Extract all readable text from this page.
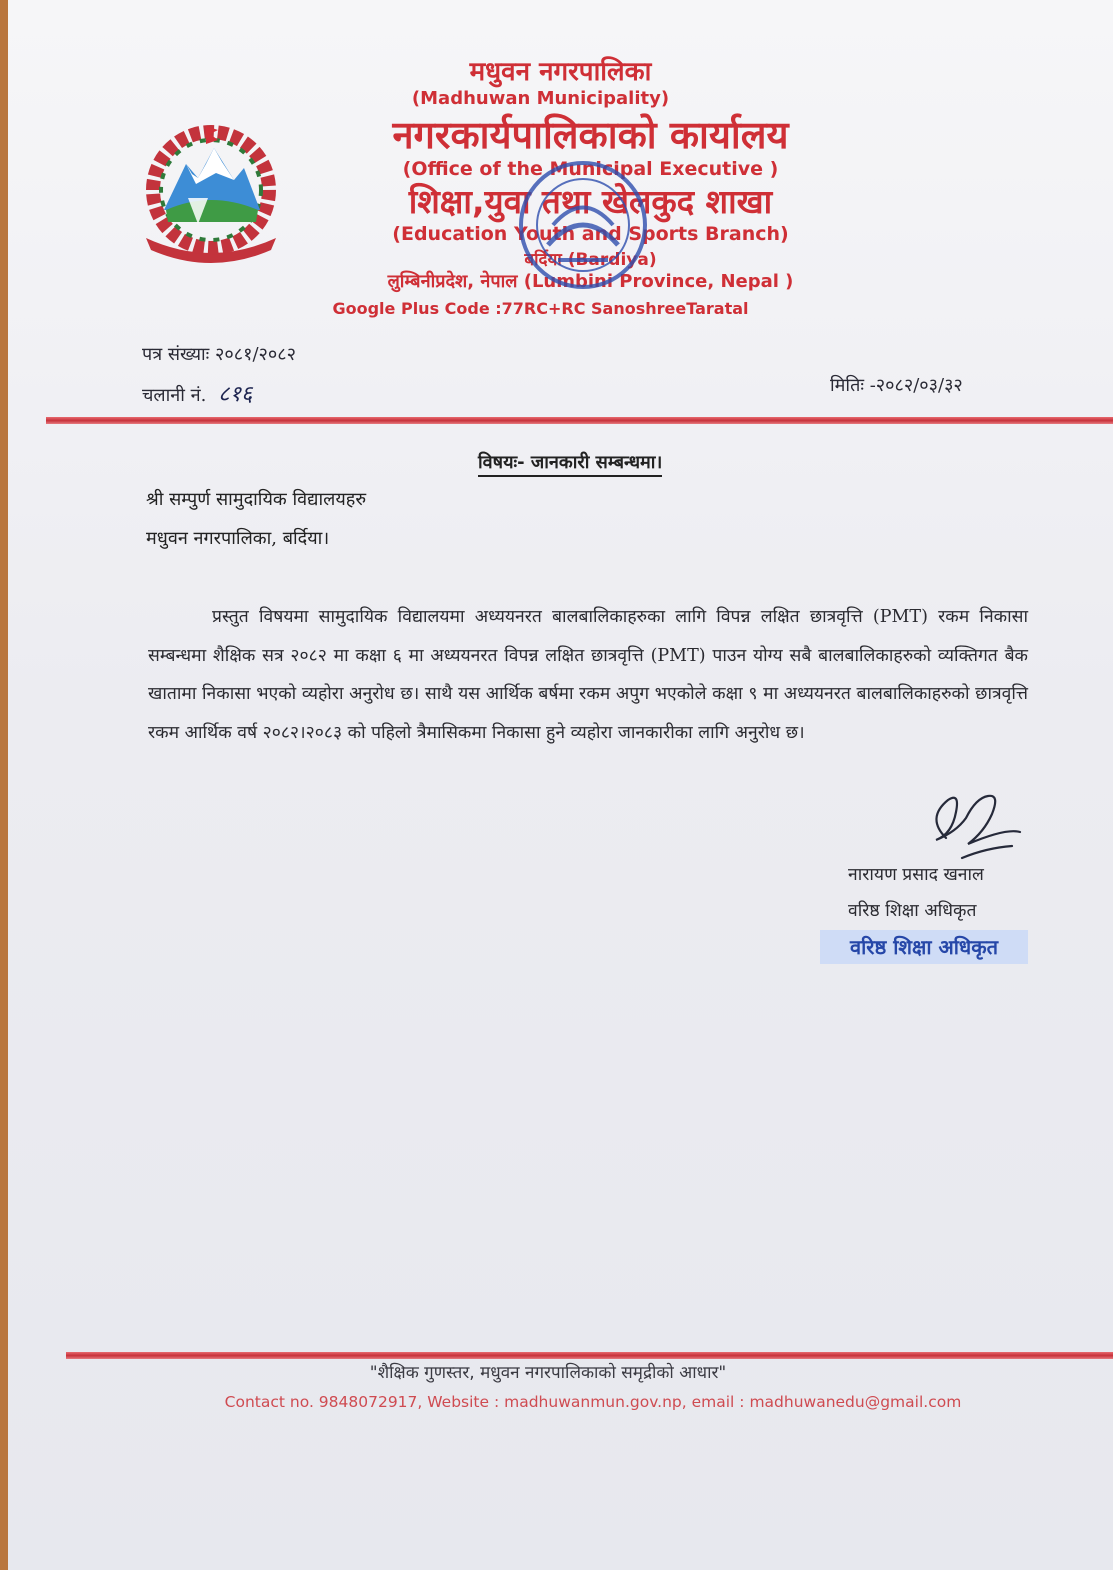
मधुवन नगरपालिका
(Madhuwan Municipality)
नगरकार्यपालिकाको कार्यालय
(Office of the Municipal Executive )
शिक्षा,युवा तथा खेलकुद शाखा
(Education Youth and Sports Branch)
बर्दिया (Bardiya)
लुम्बिनीप्रदेश, नेपाल (Lumbini Province, Nepal )
Google Plus Code :77RC+RC SanoshreeTaratal
पत्र संख्याः २०८१/२०८२
चलानी नं. ८१६	मितिः -२०८२/०३/३२
विषयः- जानकारी सम्बन्धमा।
श्री सम्पुर्ण सामुदायिक विद्यालयहरु
मधुवन नगरपालिका, बर्दिया।

प्रस्तुत विषयमा सामुदायिक विद्यालयमा अध्ययनरत बालबालिकाहरुका लागि विपन्न लक्षित छात्रवृत्ति (PMT) रकम निकासा सम्बन्धमा शैक्षिक सत्र २०८२ मा कक्षा ६ मा अध्ययनरत विपन्न लक्षित छात्रवृत्ति (PMT) पाउन योग्य सबै बालबालिकाहरुको व्यक्तिगत बैक खातामा निकासा भएको व्यहोरा अनुरोध छ। साथै यस आर्थिक बर्षमा रकम अपुग भएकोले कक्षा ९ मा अध्ययनरत बालबालिकाहरुको छात्रवृत्ति रकम आर्थिक वर्ष २०८२।२०८३ को पहिलो त्रैमासिकमा निकासा हुने व्यहोरा जानकारीका लागि अनुरोध छ।

नारायण प्रसाद खनाल
वरिष्ठ शिक्षा अधिकृत
वरिष्ठ शिक्षा अधिकृत
"शैक्षिक गुणस्तर, मधुवन नगरपालिकाको समृद्रीको आधार"
Contact no. 9848072917, Website : madhuwanmun.gov.np, email : madhuwanedu@gmail.com
